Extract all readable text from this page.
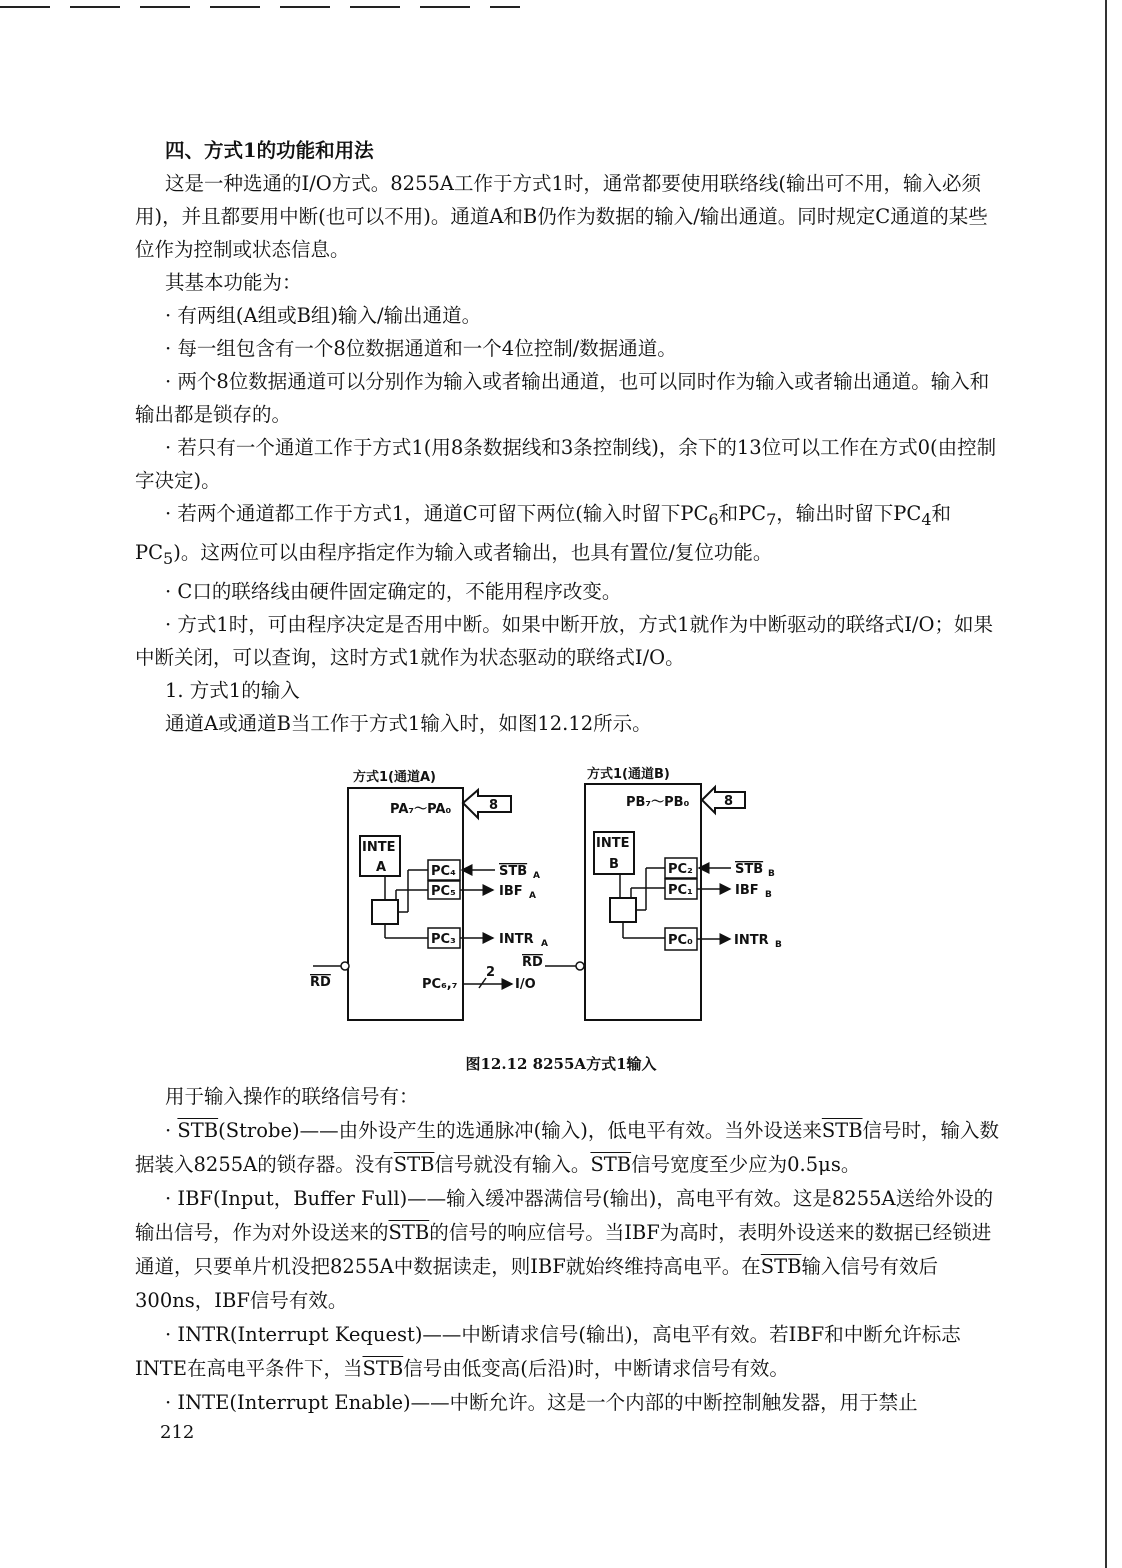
四、方式1的功能和用法

这是一种选通的I/O方式。8255A工作于方式1时，通常都要使用联络线(输出可不用，输入必须用)，并且都要用中断(也可以不用)。通道A和B仍作为数据的输入/输出通道。同时规定C通道的某些位作为控制或状态信息。

其基本功能为：

· 有两组(A组或B组)输入/输出通道。

· 每一组包含有一个8位数据通道和一个4位控制/数据通道。

· 两个8位数据通道可以分别作为输入或者输出通道，也可以同时作为输入或者输出通道。输入和输出都是锁存的。

· 若只有一个通道工作于方式1(用8条数据线和3条控制线)，余下的13位可以工作在方式0(由控制字决定)。

· 若两个通道都工作于方式1，通道C可留下两位(输入时留下$PC_6$和$PC_7$，输出时留下$PC_4$和$PC_5$)。这两位可以由程序指定作为输入或者输出，也具有置位/复位功能。

· C口的联络线由硬件固定确定的，不能用程序改变。

· 方式1时，可由程序决定是否用中断。如果中断开放，方式1就作为中断驱动的联络式I/O；如果中断关闭，可以查询，这时方式1就作为状态驱动的联络式I/O。

1. 方式1的输入

通道A或通道B当工作于方式1输入时，如图12.12所示。

方式1(通道A)
PA₇～PA₀	8
INTE
A	PC₄
PC₅
PC₃
STB A
IBF A
INTR A
RD	PC₆,₇
2
I/O
方式1(通道B)
PB₇～PB₀	8
INTE
B	PC₂
PC₁
PC₀
STB B
IBF B
INTR B
RD
图12.12 8255A方式1输入

用于输入操作的联络信号有：

· $\overline{STB}(Strobe)——$由外设产生的选通脉冲(输入)，低电平有效。当外设送来$\overline{STB}$信号时，输入数据装入8255A的锁存器。没有$\overline{STB}$信号就没有输入。$\overline{STB}$信号宽度至少应为0.5μs。

· IBF(Input，Buffer Full)——输入缓冲器满信号(输出)，高电平有效。这是8255A送给外设的输出信号，作为对外设送来的$\overline{STB}$的信号的响应信号。当IBF为高时，表明外设送来的数据已经锁进通道，只要单片机没把8255A中数据读走，则IBF就始终维持高电平。在$\overline{STB}$输入信号有效后300ns，IBF信号有效。

· INTR(Interrupt Kequest)——中断请求信号(输出)，高电平有效。若IBF和中断允许标志INTE在高电平条件下，当$\overline{STB}$信号由低变高(后沿)时，中断请求信号有效。

· INTE(Interrupt Enable)——中断允许。这是一个内部的中断控制触发器，用于禁止

212
